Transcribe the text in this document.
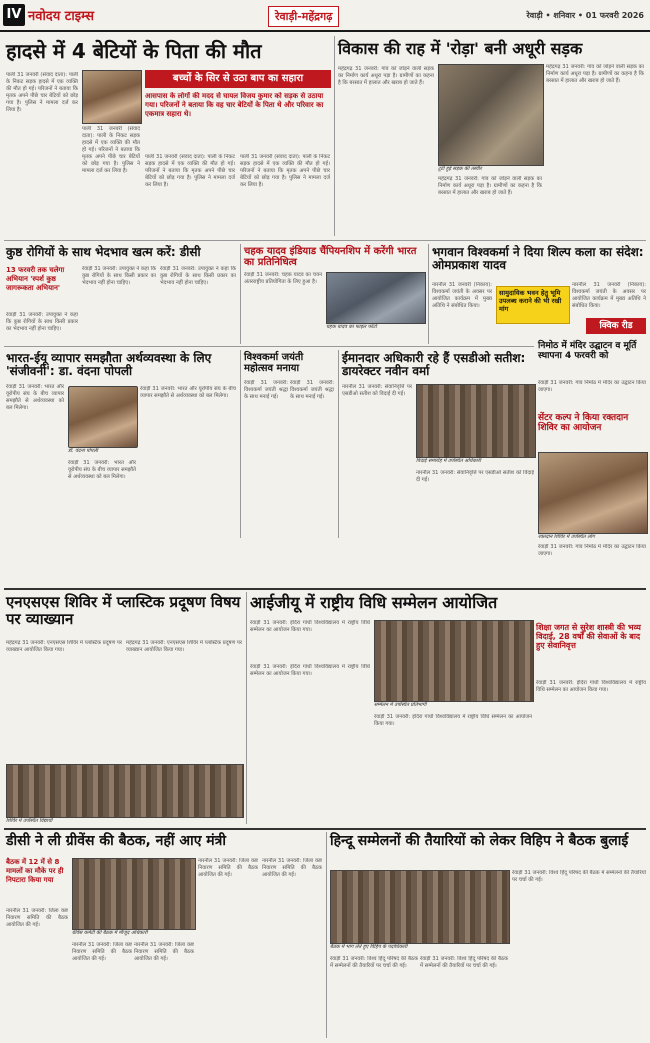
IV नवोदय टाइम्स	रेवाड़ी-महेंद्रगढ़	रेवाड़ी • शनिवार • 01 फरवरी 2026
हादसे में 4 बेटियों के पिता की मौत
पाली 31 जनवरी (संवाद दाता): पाली के निकट सड़क हादसे में एक व्यक्ति की मौत हो गई। परिजनों ने बताया कि मृतक अपने पीछे चार बेटियों को छोड़ गया है। पुलिस ने मामला दर्ज कर लिया है।
पाली 31 जनवरी (संवाद दाता): पाली के निकट सड़क हादसे में एक व्यक्ति की मौत हो गई। परिजनों ने बताया कि मृतक अपने पीछे चार बेटियों को छोड़ गया है। पुलिस ने मामला दर्ज कर लिया है।
बच्चों के सिर से उठा बाप का सहारा
आसपास के लोगों की मदद से घायल विजय कुमार को सड़क से उठाया गया। परिजनों ने बताया कि वह चार बेटियों के पिता थे और परिवार का एकमात्र सहारा थे।
पाली 31 जनवरी (संवाद दाता): पाली के निकट सड़क हादसे में एक व्यक्ति की मौत हो गई। परिजनों ने बताया कि मृतक अपने पीछे चार बेटियों को छोड़ गया है। पुलिस ने मामला दर्ज कर लिया है।
पाली 31 जनवरी (संवाद दाता): पाली के निकट सड़क हादसे में एक व्यक्ति की मौत हो गई। परिजनों ने बताया कि मृतक अपने पीछे चार बेटियों को छोड़ गया है। पुलिस ने मामला दर्ज कर लिया है।
विकास की राह में 'रोड़ा' बनी अधूरी सड़क
महेंद्रगढ़ 31 जनवरी: गांव को जोड़ने वाली सड़क का निर्माण कार्य अधूरा पड़ा है। ग्रामीणों का कहना है कि बरसात में हालात और खराब हो जाते हैं।
टूटी हुई सड़क की तस्वीर
महेंद्रगढ़ 31 जनवरी: गांव को जोड़ने वाली सड़क का निर्माण कार्य अधूरा पड़ा है। ग्रामीणों का कहना है कि बरसात में हालात और खराब हो जाते हैं।
महेंद्रगढ़ 31 जनवरी: गांव को जोड़ने वाली सड़क का निर्माण कार्य अधूरा पड़ा है। ग्रामीणों का कहना है कि बरसात में हालात और खराब हो जाते हैं।
कुष्ठ रोगियों के साथ भेदभाव खत्म करें: डीसी
13 फरवरी तक चलेगा अभियान 'स्पर्श कुष्ठ जागरूकता अभियान'
रेवाड़ी 31 जनवरी: उपायुक्त ने कहा कि कुष्ठ रोगियों के साथ किसी प्रकार का भेदभाव नहीं होना चाहिए।
रेवाड़ी 31 जनवरी: उपायुक्त ने कहा कि कुष्ठ रोगियों के साथ किसी प्रकार का भेदभाव नहीं होना चाहिए।
रेवाड़ी 31 जनवरी: उपायुक्त ने कहा कि कुष्ठ रोगियों के साथ किसी प्रकार का भेदभाव नहीं होना चाहिए।
चहक यादव इंडियाड चैंपियनशिप में करेंगी भारत का प्रतिनिधित्व
रेवाड़ी 31 जनवरी: चहक यादव का चयन अंतरराष्ट्रीय प्रतियोगिता के लिए हुआ है।
चहक यादव का फाइल फोटो
भगवान विश्वकर्मा ने दिया शिल्प कला का संदेश: ओमप्रकाश यादव
नारनौल 31 जनवरी (निकाय): विश्वकर्मा जयंती के अवसर पर आयोजित कार्यक्रम में मुख्य अतिथि ने संबोधित किया।
सामुदायिक भवन हेतु भूमि उपलब्ध कराने की भी रखी मांग
नारनौल 31 जनवरी (निकाय): विश्वकर्मा जयंती के अवसर पर आयोजित कार्यक्रम में मुख्य अतिथि ने संबोधित किया।
क्विक रीड
निमोठ में मंदिर उद्घाटन व मूर्ति स्थापना 4 फरवरी को
रेवाड़ी 31 जनवरी: गांव निमोठ में मंदिर का उद्घाटन किया जाएगा।
सेंटर कल्प ने किया रक्तदान शिविर का आयोजन
रक्तदान शिविर में उपस्थित लोग
रेवाड़ी 31 जनवरी: गांव निमोठ में मंदिर का उद्घाटन किया जाएगा।
भारत-ईयू व्यापार समझौता अर्थव्यवस्था के लिए 'संजीवनी': डा. वंदना पोपली
रेवाड़ी 31 जनवरी: भारत और यूरोपीय संघ के बीच व्यापार समझौते से अर्थव्यवस्था को बल मिलेगा।
डॉ. वंदना पोपली
रेवाड़ी 31 जनवरी: भारत और यूरोपीय संघ के बीच व्यापार समझौते से अर्थव्यवस्था को बल मिलेगा।
रेवाड़ी 31 जनवरी: भारत और यूरोपीय संघ के बीच व्यापार समझौते से अर्थव्यवस्था को बल मिलेगा।
विश्वकर्मा जयंती महोत्सव मनाया
रेवाड़ी 31 जनवरी: विश्वकर्मा जयंती श्रद्धा के साथ मनाई गई।
रेवाड़ी 31 जनवरी: विश्वकर्मा जयंती श्रद्धा के साथ मनाई गई।
ईमानदार अधिकारी रहे हैं एसडीओ सतीश: डायरेक्टर नवीन वर्मा
नारनौल 31 जनवरी: सेवानिवृत्ति पर एसडीओ सतीश को विदाई दी गई।
विदाई समारोह में उपस्थित अधिकारी
नारनौल 31 जनवरी: सेवानिवृत्ति पर एसडीओ सतीश को विदाई दी गई।
एनएसएस शिविर में प्लास्टिक प्रदूषण विषय पर व्याख्यान
महेंद्रगढ़ 31 जनवरी: एनएसएस शिविर में प्लास्टिक प्रदूषण पर व्याख्यान आयोजित किया गया।
महेंद्रगढ़ 31 जनवरी: एनएसएस शिविर में प्लास्टिक प्रदूषण पर व्याख्यान आयोजित किया गया।
शिविर में उपस्थित विद्यार्थी
आईजीयू में राष्ट्रीय विधि सम्मेलन आयोजित
रेवाड़ी 31 जनवरी: इंदिरा गांधी विश्वविद्यालय में राष्ट्रीय विधि सम्मेलन का आयोजन किया गया।
सम्मेलन में उपस्थित प्रतिभागी
रेवाड़ी 31 जनवरी: इंदिरा गांधी विश्वविद्यालय में राष्ट्रीय विधि सम्मेलन का आयोजन किया गया।
रेवाड़ी 31 जनवरी: इंदिरा गांधी विश्वविद्यालय में राष्ट्रीय विधि सम्मेलन का आयोजन किया गया।
शिक्षा जगत से सुरेश शास्त्री की भव्य विदाई, 28 वर्षों की सेवाओं के बाद हुए सेवानिवृत्त
रेवाड़ी 31 जनवरी: इंदिरा गांधी विश्वविद्यालय में राष्ट्रीय विधि सम्मेलन का आयोजन किया गया।
डीसी ने ली ग्रीवेंस की बैठक, नहीं आए मंत्री
बैठक में 12 में से 8 मामलों का मौके पर ही निपटारा किया गया
नारनौल 31 जनवरी: जिला कष्ट निवारण समिति की बैठक आयोजित की गई।
ग्रीवेंस कमेटी की बैठक में मौजूद अधिकारी
नारनौल 31 जनवरी: जिला कष्ट निवारण समिति की बैठक आयोजित की गई।
नारनौल 31 जनवरी: जिला कष्ट निवारण समिति की बैठक आयोजित की गई।
नारनौल 31 जनवरी: जिला कष्ट निवारण समिति की बैठक आयोजित की गई।
नारनौल 31 जनवरी: जिला कष्ट निवारण समिति की बैठक आयोजित की गई।
हिन्दू सम्मेलनों की तैयारियों को लेकर विहिप ने बैठक बुलाई
बैठक में भाग लेते हुए विहिप के पदाधिकारी
रेवाड़ी 31 जनवरी: विश्व हिंदू परिषद की बैठक में सम्मेलनों की तैयारियों पर चर्चा की गई।
रेवाड़ी 31 जनवरी: विश्व हिंदू परिषद की बैठक में सम्मेलनों की तैयारियों पर चर्चा की गई।
रेवाड़ी 31 जनवरी: विश्व हिंदू परिषद की बैठक में सम्मेलनों की तैयारियों पर चर्चा की गई।
